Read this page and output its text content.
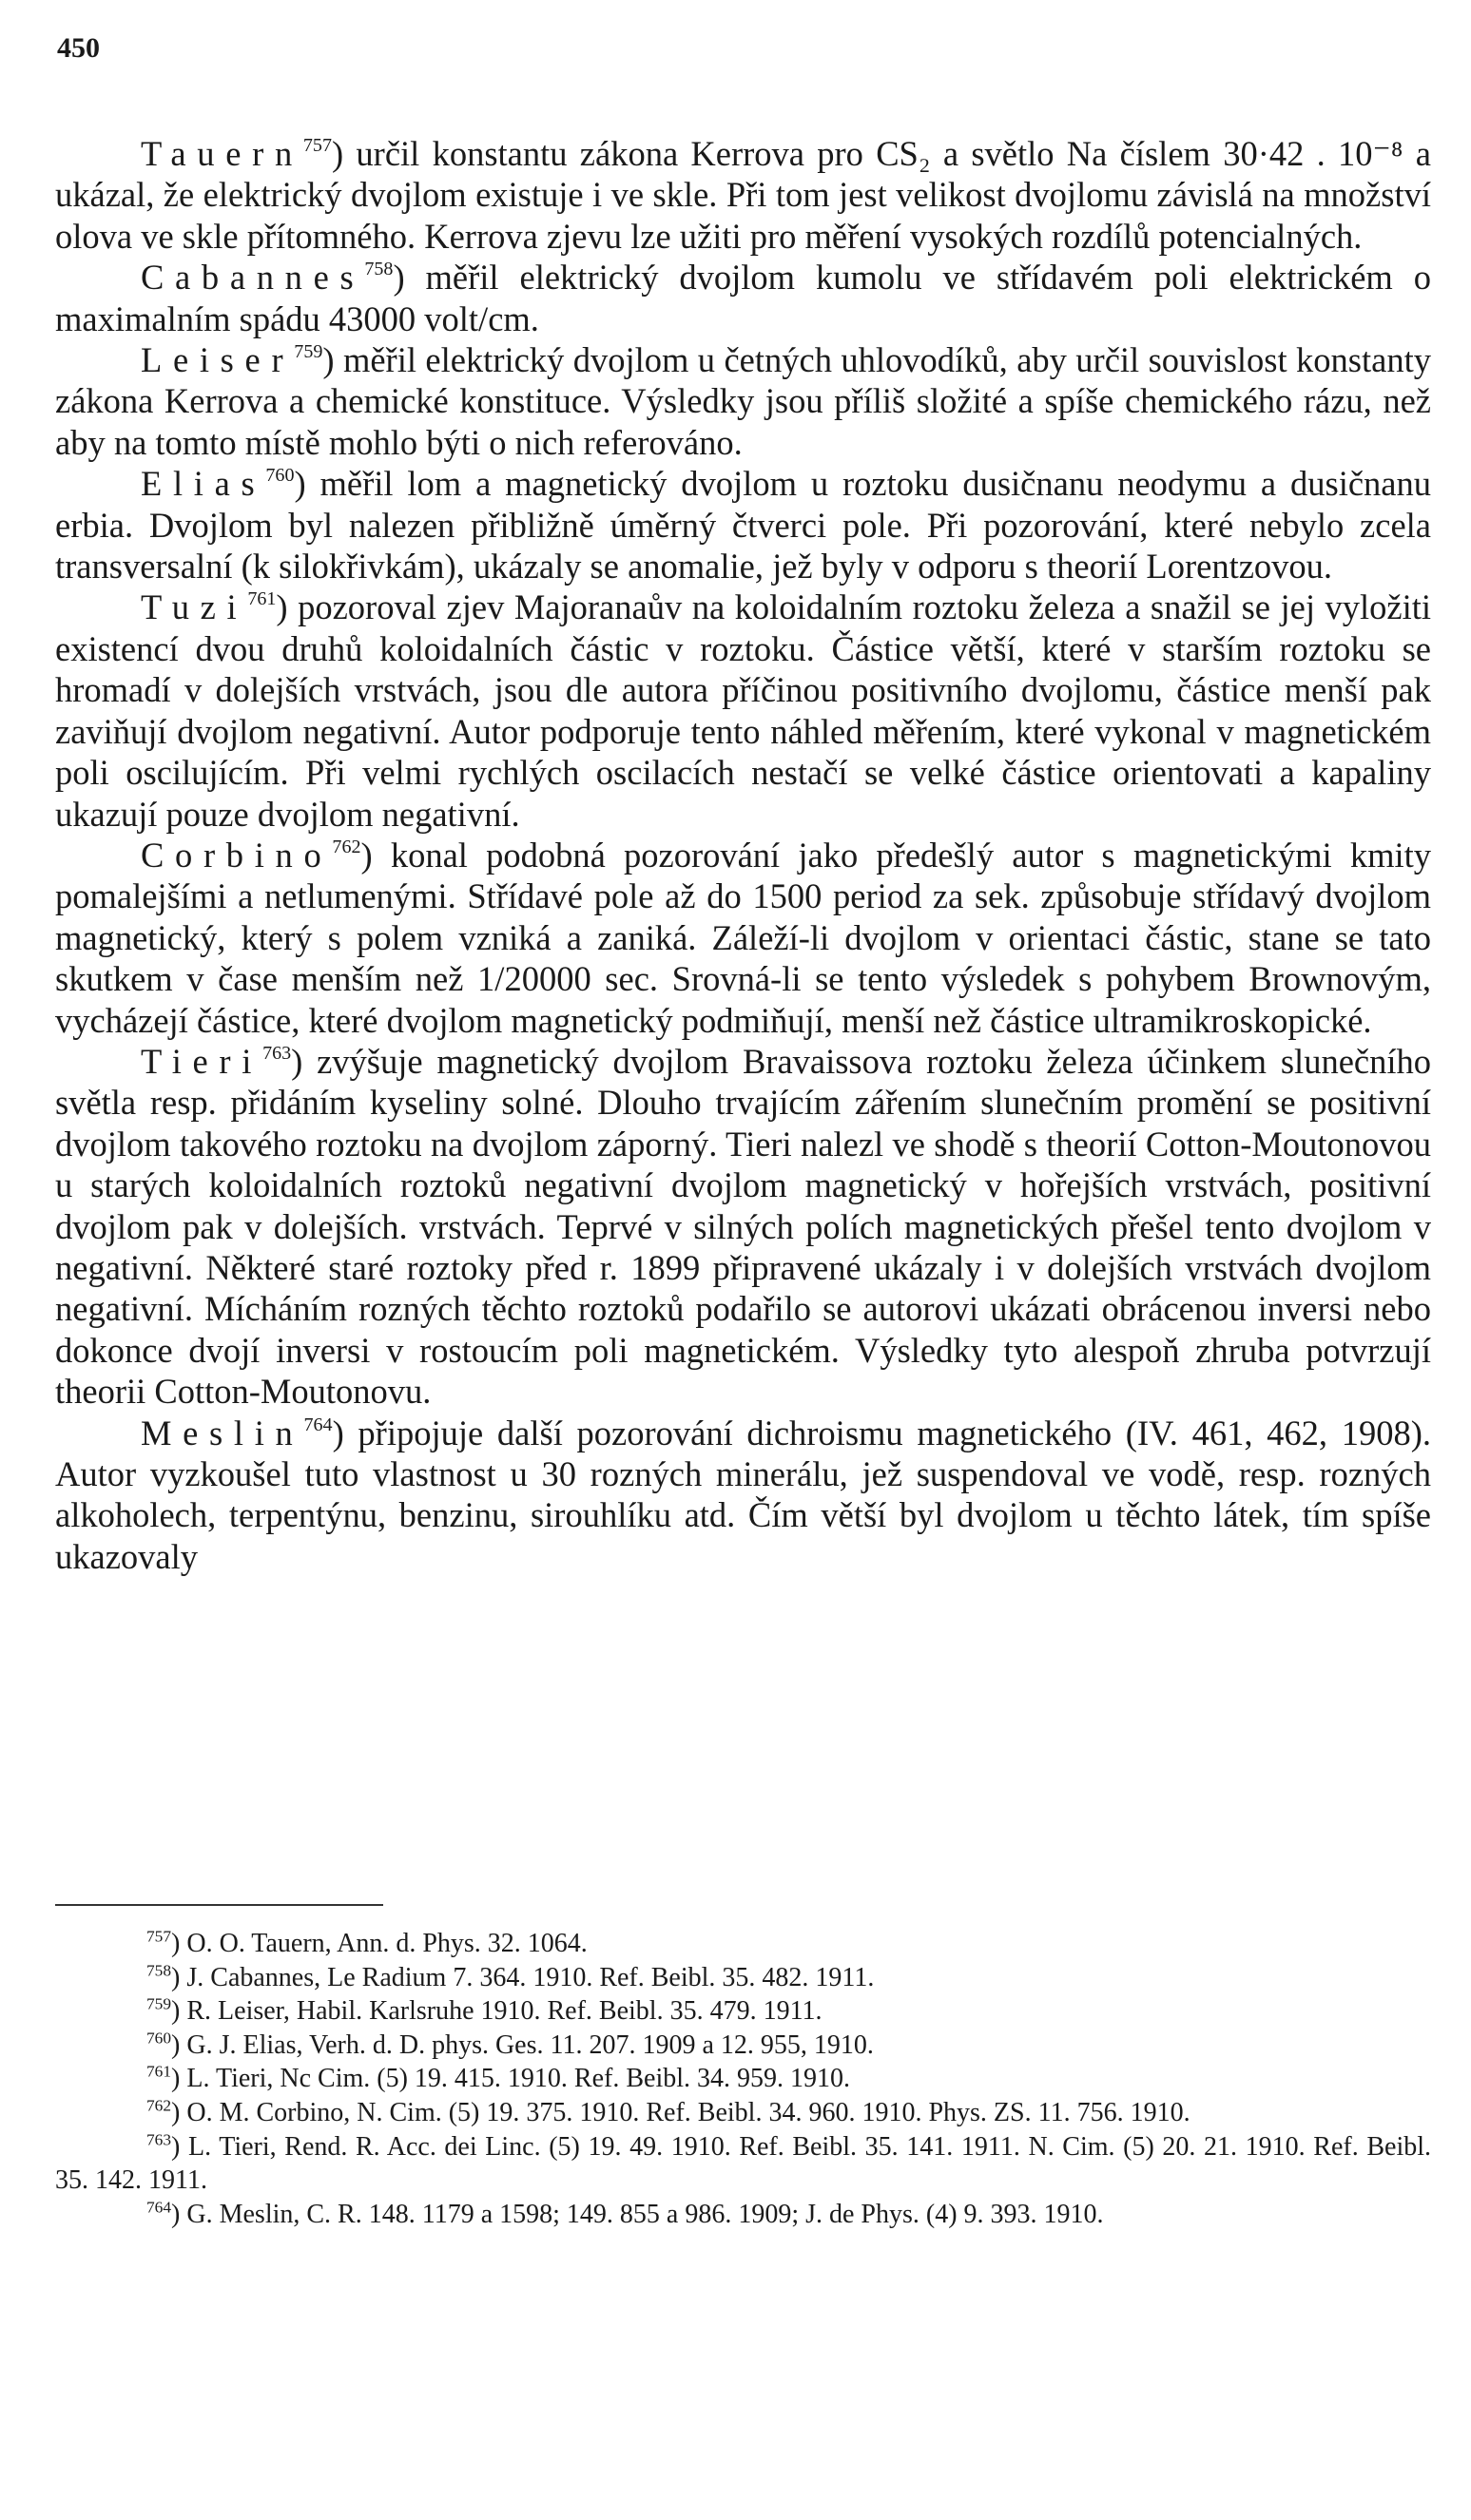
450

Tauern$^{757}$) určil konstantu zákona Kerrova pro CS₂ a světlo Na číslem 30·42 . 10⁻⁸ a ukázal, že elektrický dvojlom existuje i ve skle. Při tom jest velikost dvojlomu závislá na množství olova ve skle přítomného. Kerrova zjevu lze užiti pro měření vysokých rozdílů potencialných.

Cabannes$^{758}$) měřil elektrický dvojlom kumolu ve střídavém poli elektrickém o maximalním spádu 43000 volt/cm.

Leiser$^{759}$) měřil elektrický dvojlom u četných uhlovodíků, aby určil souvislost konstanty zákona Kerrova a chemické konstituce. Výsledky jsou příliš složité a spíše chemického rázu, než aby na tomto místě mohlo býti o nich referováno.

Elias$^{760}$) měřil lom a magnetický dvojlom u roztoku dusičnanu neodymu a dusičnanu erbia. Dvojlom byl nalezen přibližně úměrný čtverci pole. Při pozorování, které nebylo zcela transversalní (k silokřivkám), ukázaly se anomalie, jež byly v odporu s theorií Lorentzovou.

Tuzi$^{761}$) pozoroval zjev Majoranaův na koloidalním roztoku železa a snažil se jej vyložiti existencí dvou druhů koloidalních částic v roztoku. Částice větší, které v starším roztoku se hromadí v dolejších vrstvách, jsou dle autora příčinou positivního dvojlomu, částice menší pak zaviňují dvojlom negativní. Autor podporuje tento náhled měřením, které vykonal v magnetickém poli oscilujícím. Při velmi rychlých oscilacích nestačí se velké částice orientovati a kapaliny ukazují pouze dvojlom negativní.

Corbino$^{762}$) konal podobná pozorování jako předešlý autor s magnetickými kmity pomalejšími a netlumenými. Střídavé pole až do 1500 period za sek. způsobuje střídavý dvojlom magnetický, který s polem vzniká a zaniká. Záleží-li dvojlom v orientaci částic, stane se tato skutkem v čase menším než 1/20000 sec. Srovná-li se tento výsledek s pohybem Brownovým, vycházejí částice, které dvojlom magnetický podmiňují, menší než částice ultramikroskopické.

Tieri$^{763}$) zvýšuje magnetický dvojlom Bravaissova roztoku železa účinkem slunečního světla resp. přidáním kyseliny solné. Dlouho trvajícím zářením slunečním promění se positivní dvojlom takového roztoku na dvojlom záporný. Tieri nalezl ve shodě s theorií Cotton-Moutonovou u starých koloidalních roztoků negativní dvojlom magnetický v hořejších vrstvách, positivní dvojlom pak v dolejších. vrstvách. Teprvé v silných polích magnetických přešel tento dvojlom v negativní. Některé staré roztoky před r. 1899 připravené ukázaly i v dolejších vrstvách dvojlom negativní. Mícháním rozných těchto roztoků podařilo se autorovi ukázati obrácenou inversi nebo dokonce dvojí inversi v rostoucím poli magnetickém. Výsledky tyto alespoň zhruba potvrzují theorii Cotton-Moutonovu.

Meslin$^{764}$) připojuje další pozorování dichroismu magnetického (IV. 461, 462, 1908). Autor vyzkoušel tuto vlastnost u 30 rozných minerálu, jež suspendoval ve vodě, resp. rozných alkoholech, terpentýnu, benzinu, sirouhlíku atd. Čím větší byl dvojlom u těchto látek, tím spíše ukazovaly

$^{757}$) O. O. Tauern, Ann. d. Phys. 32. 1064.

$^{758}$) J. Cabannes, Le Radium 7. 364. 1910. Ref. Beibl. 35. 482. 1911.

$^{759}$) R. Leiser, Habil. Karlsruhe 1910. Ref. Beibl. 35. 479. 1911.

$^{760}$) G. J. Elias, Verh. d. D. phys. Ges. 11. 207. 1909 a 12. 955, 1910.

$^{761}$) L. Tieri, Nc Cim. (5) 19. 415. 1910. Ref. Beibl. 34. 959. 1910.

$^{762}$) O. M. Corbino, N. Cim. (5) 19. 375. 1910. Ref. Beibl. 34. 960. 1910. Phys. ZS. 11. 756. 1910.

$^{763}$) L. Tieri, Rend. R. Acc. dei Linc. (5) 19. 49. 1910. Ref. Beibl. 35. 141. 1911. N. Cim. (5) 20. 21. 1910. Ref. Beibl. 35. 142. 1911.

$^{764}$) G. Meslin, C. R. 148. 1179 a 1598; 149. 855 a 986. 1909; J. de Phys. (4) 9. 393. 1910.
